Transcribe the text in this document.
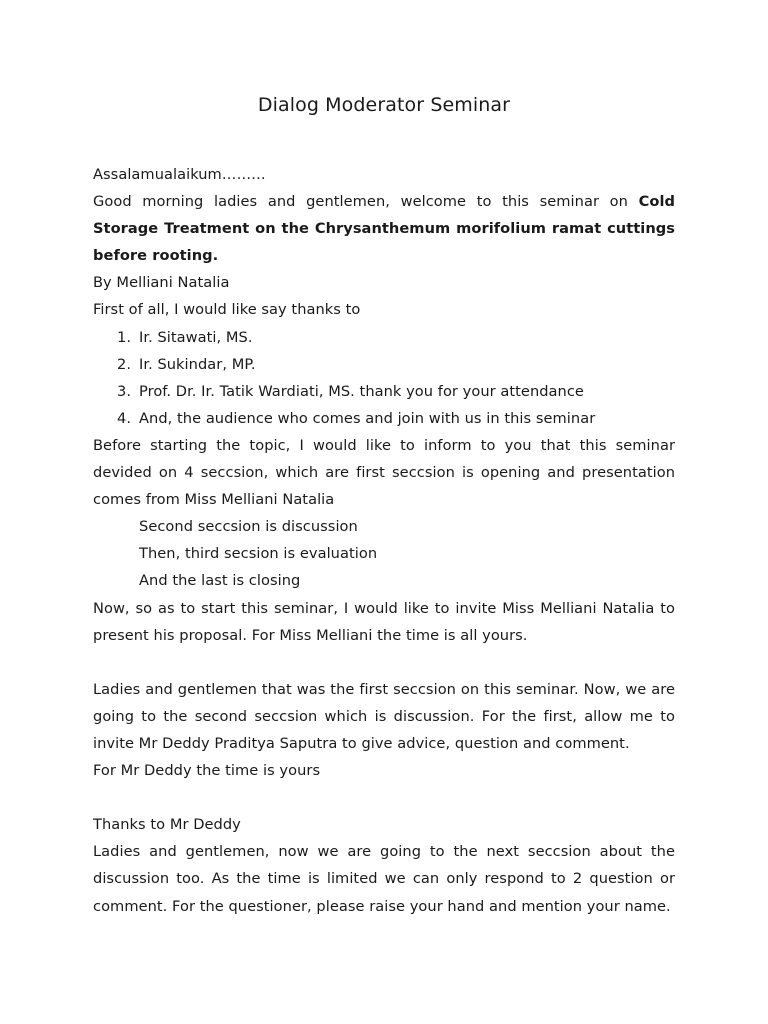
Dialog Moderator Seminar

Assalamualaikum………

Good morning ladies and gentlemen, welcome to this seminar on Cold Storage Treatment on the Chrysanthemum morifolium ramat cuttings before rooting.

By Melliani Natalia

First of all, I would like say thanks to

1. Ir. Sitawati, MS.
2. Ir. Sukindar, MP.
3. Prof. Dr. Ir. Tatik Wardiati, MS. thank you for your attendance
4. And, the audience who comes and join with us in this seminar

Before starting the topic, I would like to inform to you that this seminar devided on 4 seccsion, which are first seccsion is opening and presentation comes from Miss Melliani Natalia

Second seccsion is discussion

Then, third secsion is evaluation

And the last is closing

Now, so as to start this seminar, I would like to invite Miss Melliani Natalia to present his proposal. For Miss Melliani the time is all yours.

Ladies and gentlemen that was the first seccsion on this seminar. Now, we are going to the second seccsion which is discussion. For the first, allow me to invite Mr Deddy Praditya Saputra to give advice, question and comment.

For Mr Deddy the time is yours

Thanks to Mr Deddy

Ladies and gentlemen, now we are going to the next seccsion about the discussion too. As the time is limited we can only respond to 2 question or comment. For the questioner, please raise your hand and mention your name.
